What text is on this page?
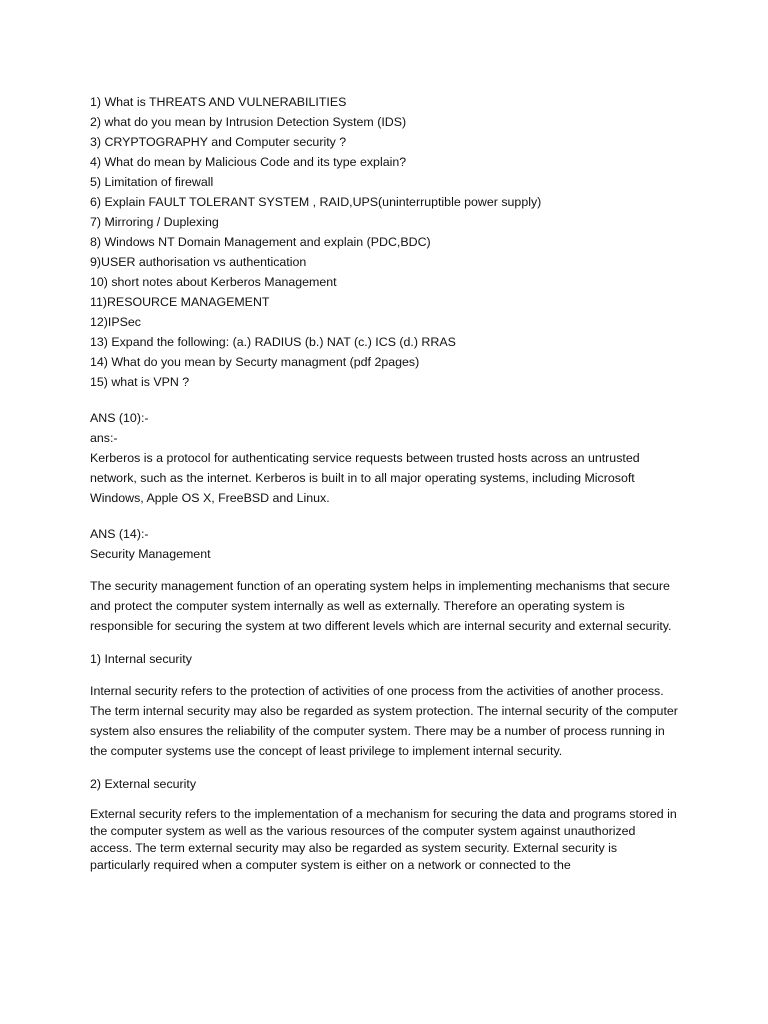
1) What is THREATS AND VULNERABILITIES
2) what do you mean by Intrusion Detection System (IDS)
3) CRYPTOGRAPHY and Computer security ?
4) What do mean by Malicious Code and its type explain?
5) Limitation of firewall
6) Explain FAULT TOLERANT SYSTEM , RAID,UPS(uninterruptible power supply)
7) Mirroring / Duplexing
8) Windows NT Domain Management and explain (PDC,BDC)
9)USER authorisation vs authentication
10) short notes about Kerberos Management
11)RESOURCE MANAGEMENT
12)IPSec
13) Expand the following: (a.) RADIUS (b.) NAT (c.) ICS (d.) RRAS
14) What do you mean by Securty managment (pdf 2pages)
15) what is VPN ?

ANS (10):-

ans:-

Kerberos is a protocol for authenticating service requests between trusted hosts across an untrusted network, such as the internet. Kerberos is built in to all major operating systems, including Microsoft Windows, Apple OS X, FreeBSD and Linux.

ANS (14):-

Security Management

The security management function of an operating system helps in implementing mechanisms that secure and protect the computer system internally as well as externally. Therefore an operating system is responsible for securing the system at two different levels which are internal security and external security.

1) Internal security

Internal security refers to the protection of activities of one process from the activities of another process. The term internal security may also be regarded as system protection. The internal security of the computer system also ensures the reliability of the computer system. There may be a number of process running in the computer systems use the concept of least privilege to implement internal security.

2) External security

External security refers to the implementation of a mechanism for securing the data and programs stored in the computer system as well as the various resources of the computer system against unauthorized access. The term external security may also be regarded as system security. External security is particularly required when a computer system is either on a network or connected to the
